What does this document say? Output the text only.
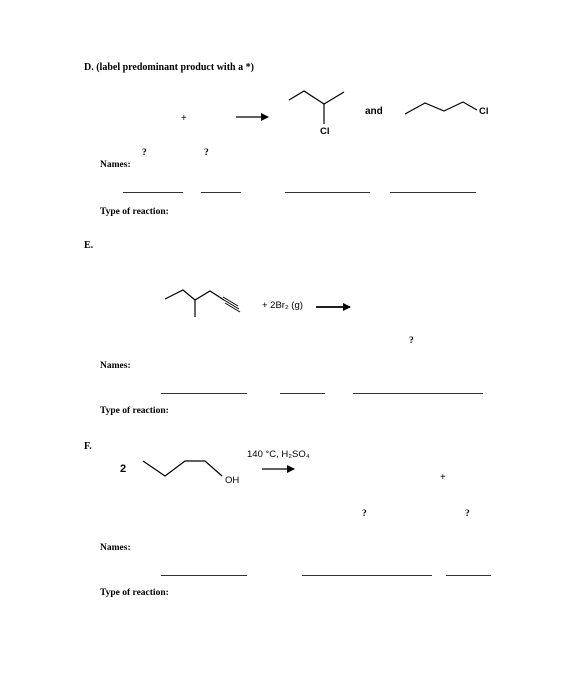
D. (label predominant product with a *)
+
and
Cl
Cl
?	?
Names:
Type of reaction:
E.
+ 2Br₂ (g)
?
Names:
Type of reaction:
F.
2
OH
140 °C, H₂SO₄
+
?	?
Names:
Type of reaction:
